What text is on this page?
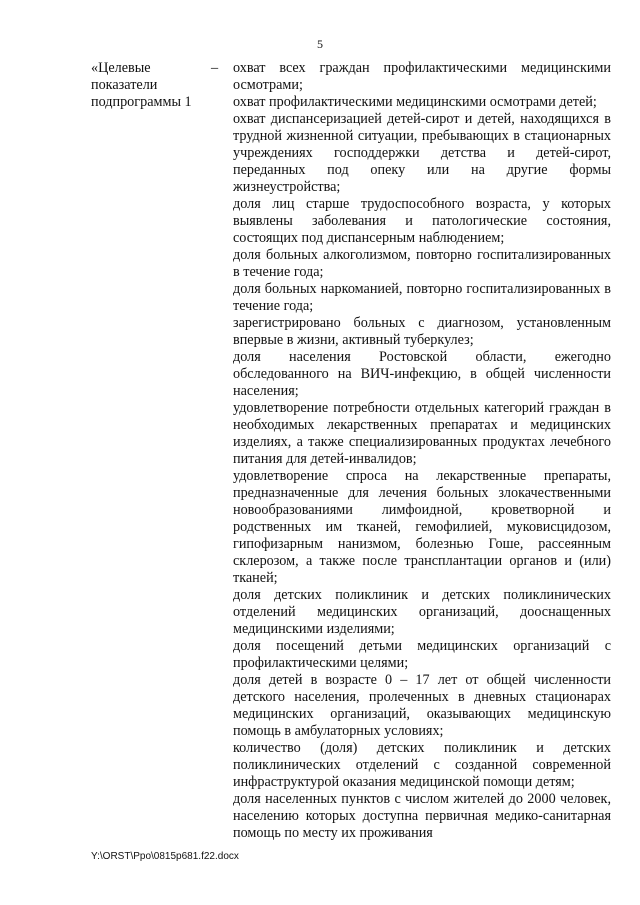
5
«Целевые
показатели
подпрограммы 1
– охват всех граждан профилактическими медицинскими осмотрами;

охват профилактическими медицинскими осмотрами детей;

охват диспансеризацией детей-сирот и детей, находящихся в трудной жизненной ситуации, пребывающих в стационарных учреждениях господдержки детства и детей-сирот, переданных под опеку или на другие формы жизнеустройства;

доля лиц старше трудоспособного возраста, у которых выявлены заболевания и патологические состояния, состоящих под диспансерным наблюдением;

доля больных алкоголизмом, повторно госпитализированных в течение года;

доля больных наркоманией, повторно госпитализированных в течение года;

зарегистрировано больных с диагнозом, установленным впервые в жизни, активный туберкулез;

доля населения Ростовской области, ежегодно обследованного на ВИЧ-инфекцию, в общей численности населения;

удовлетворение потребности отдельных категорий граждан в необходимых лекарственных препаратах и медицинских изделиях, а также специализированных продуктах лечебного питания для детей-инвалидов;

удовлетворение спроса на лекарственные препараты, предназначенные для лечения больных злокачественными новообразованиями лимфоидной, кроветворной и родственных им тканей, гемофилией, муковисцидозом, гипофизарным нанизмом, болезнью Гоше, рассеянным склерозом, а также после трансплантации органов и (или) тканей;

доля детских поликлиник и детских поликлинических отделений медицинских организаций, дооснащенных медицинскими изделиями;

доля посещений детьми медицинских организаций с профилактическими целями;

доля детей в возрасте 0 – 17 лет от общей численности детского населения, пролеченных в дневных стационарах медицинских организаций, оказывающих медицинскую помощь в амбулаторных условиях;

количество (доля) детских поликлиник и детских поликлинических отделений с созданной современной инфраструктурой оказания медицинской помощи детям;

доля населенных пунктов с числом жителей до 2000 человек, населению которых доступна первичная медико-санитарная помощь по месту их проживания

Y:\ORST\Ppo\0815p681.f22.docx
